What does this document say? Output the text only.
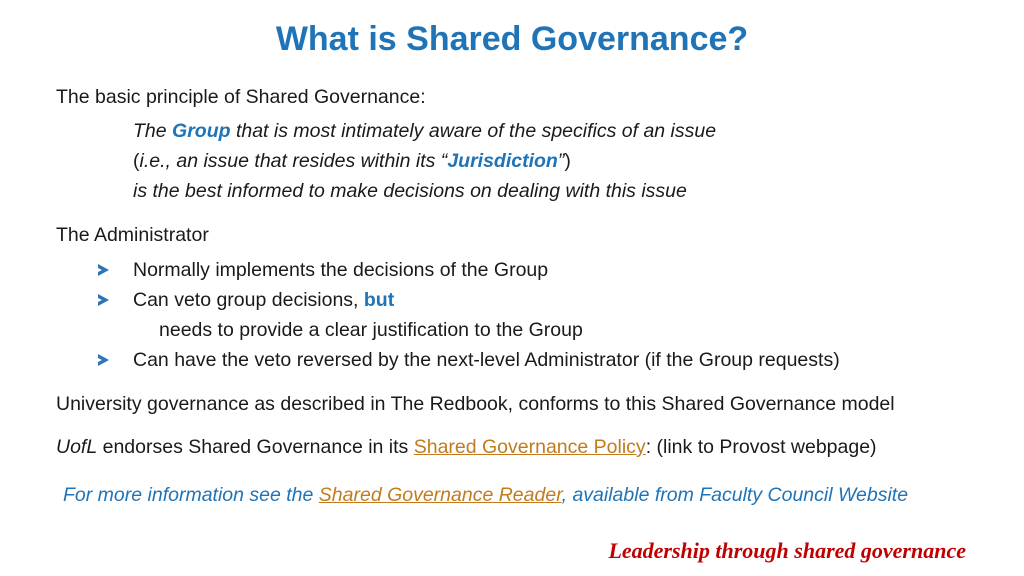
What is Shared Governance?
The basic principle of Shared Governance:
The Group that is most intimately aware of the specifics of an issue
(i.e., an issue that resides within its “Jurisdiction”)
is the best informed to make decisions on dealing with this issue
The Administrator
Normally implements the decisions of the Group
Can veto group decisions, but
needs to provide a clear justification to the Group
Can have the veto reversed by the next-level Administrator (if the Group requests)
University governance as described in The Redbook, conforms to this Shared Governance model
UofL endorses Shared Governance in its Shared Governance Policy: (link to Provost webpage)
For more information see the Shared Governance Reader, available from Faculty Council Website
Leadership through shared governance
